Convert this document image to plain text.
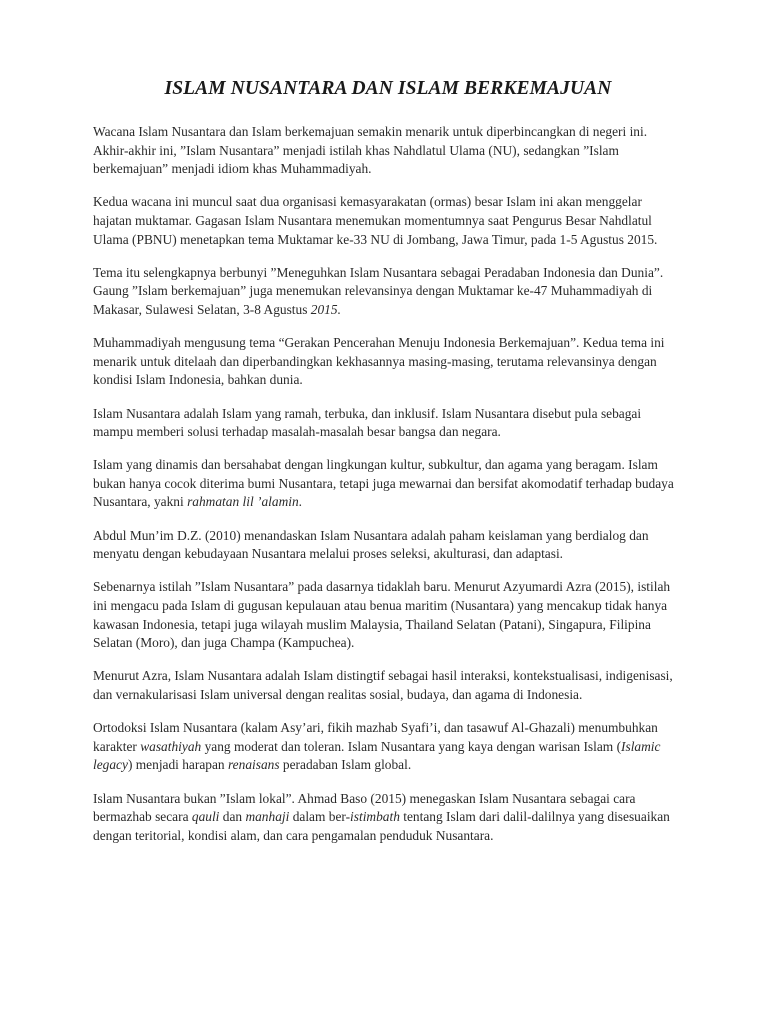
ISLAM NUSANTARA DAN ISLAM BERKEMAJUAN

Wacana Islam Nusantara dan Islam berkemajuan semakin menarik untuk diperbincangkan di negeri ini. Akhir-akhir ini, ”Islam Nusantara” menjadi istilah khas Nahdlatul Ulama (NU), sedangkan ”Islam berkemajuan” menjadi idiom khas Muhammadiyah.

Kedua wacana ini muncul saat dua organisasi kemasyarakatan (ormas) besar Islam ini akan menggelar hajatan muktamar. Gagasan Islam Nusantara menemukan momentumnya saat Pengurus Besar Nahdlatul Ulama (PBNU) menetapkan tema Muktamar ke-33 NU di Jombang, Jawa Timur, pada 1-5 Agustus 2015.

Tema itu selengkapnya berbunyi ”Meneguhkan Islam Nusantara sebagai Peradaban Indonesia dan Dunia”. Gaung ”Islam berkemajuan” juga menemukan relevansinya dengan Muktamar ke-47 Muhammadiyah di Makasar, Sulawesi Selatan, 3-8 Agustus 2015.

Muhammadiyah mengusung tema “Gerakan Pencerahan Menuju Indonesia Berkemajuan”. Kedua tema ini menarik untuk ditelaah dan diperbandingkan kekhasannya masing-masing, terutama relevansinya dengan kondisi Islam Indonesia, bahkan dunia.

Islam Nusantara adalah Islam yang ramah, terbuka, dan inklusif. Islam Nusantara disebut pula sebagai mampu memberi solusi terhadap masalah-masalah besar bangsa dan negara.

Islam yang dinamis dan bersahabat dengan lingkungan kultur, subkultur, dan agama yang beragam. Islam bukan hanya cocok diterima bumi Nusantara, tetapi juga mewarnai dan bersifat akomodatif terhadap budaya Nusantara, yakni rahmatan lil ’alamin.

Abdul Mun’im D.Z. (2010) menandaskan Islam Nusantara adalah paham keislaman yang berdialog dan menyatu dengan kebudayaan Nusantara melalui proses seleksi, akulturasi, dan adaptasi.

Sebenarnya istilah ”Islam Nusantara” pada dasarnya tidaklah baru. Menurut Azyumardi Azra (2015), istilah ini mengacu pada Islam di gugusan kepulauan atau benua maritim (Nusantara) yang mencakup tidak hanya kawasan Indonesia, tetapi juga wilayah muslim Malaysia, Thailand Selatan (Patani), Singapura, Filipina Selatan (Moro), dan juga Champa (Kampuchea).

Menurut Azra, Islam Nusantara adalah Islam distingtif sebagai hasil interaksi, kontekstualisasi, indigenisasi, dan vernakularisasi Islam universal dengan realitas sosial, budaya, dan agama di Indonesia.

Ortodoksi Islam Nusantara (kalam Asy’ari, fikih mazhab Syafi’i, dan tasawuf Al-Ghazali) menumbuhkan karakter wasathiyah yang moderat dan toleran. Islam Nusantara yang kaya dengan warisan Islam (Islamic legacy) menjadi harapan renaisans peradaban Islam global.

Islam Nusantara bukan ”Islam lokal”. Ahmad Baso (2015) menegaskan Islam Nusantara sebagai cara bermazhab secara qauli dan manhaji dalam ber-istimbath tentang Islam dari dalil-dalilnya yang disesuaikan dengan teritorial, kondisi alam, dan cara pengamalan penduduk Nusantara.
